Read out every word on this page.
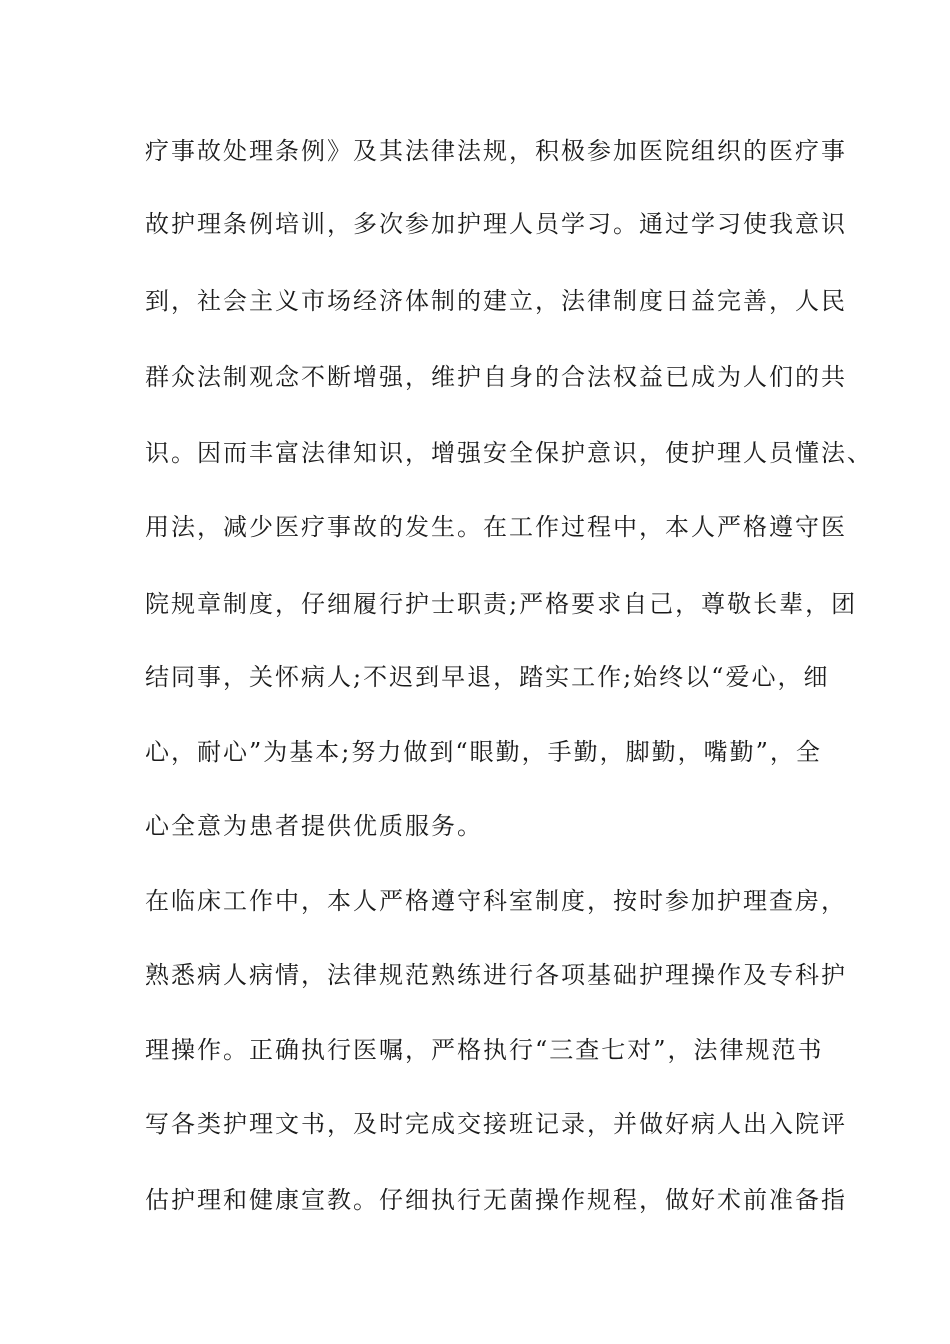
疗事故处理条例》及其法律法规，积极参加医院组织的医疗事
故护理条例培训，多次参加护理人员学习。通过学习使我意识
到，社会主义市场经济体制的建立，法律制度日益完善，人民
群众法制观念不断增强，维护自身的合法权益已成为人们的共
识。因而丰富法律知识，增强安全保护意识，使护理人员懂法、
用法，减少医疗事故的发生。在工作过程中，本人严格遵守医
院规章制度，仔细履行护士职责;严格要求自己，尊敬长辈，团
结同事，关怀病人;不迟到早退，踏实工作;始终以“爱心，细
心，耐心”为基本;努力做到“眼勤，手勤，脚勤，嘴勤”，全
心全意为患者提供优质服务。
在临床工作中，本人严格遵守科室制度，按时参加护理查房，
熟悉病人病情，法律规范熟练进行各项基础护理操作及专科护
理操作。正确执行医嘱，严格执行“三查七对”，法律规范书
写各类护理文书，及时完成交接班记录，并做好病人出入院评
估护理和健康宣教。仔细执行无菌操作规程，做好术前准备指
